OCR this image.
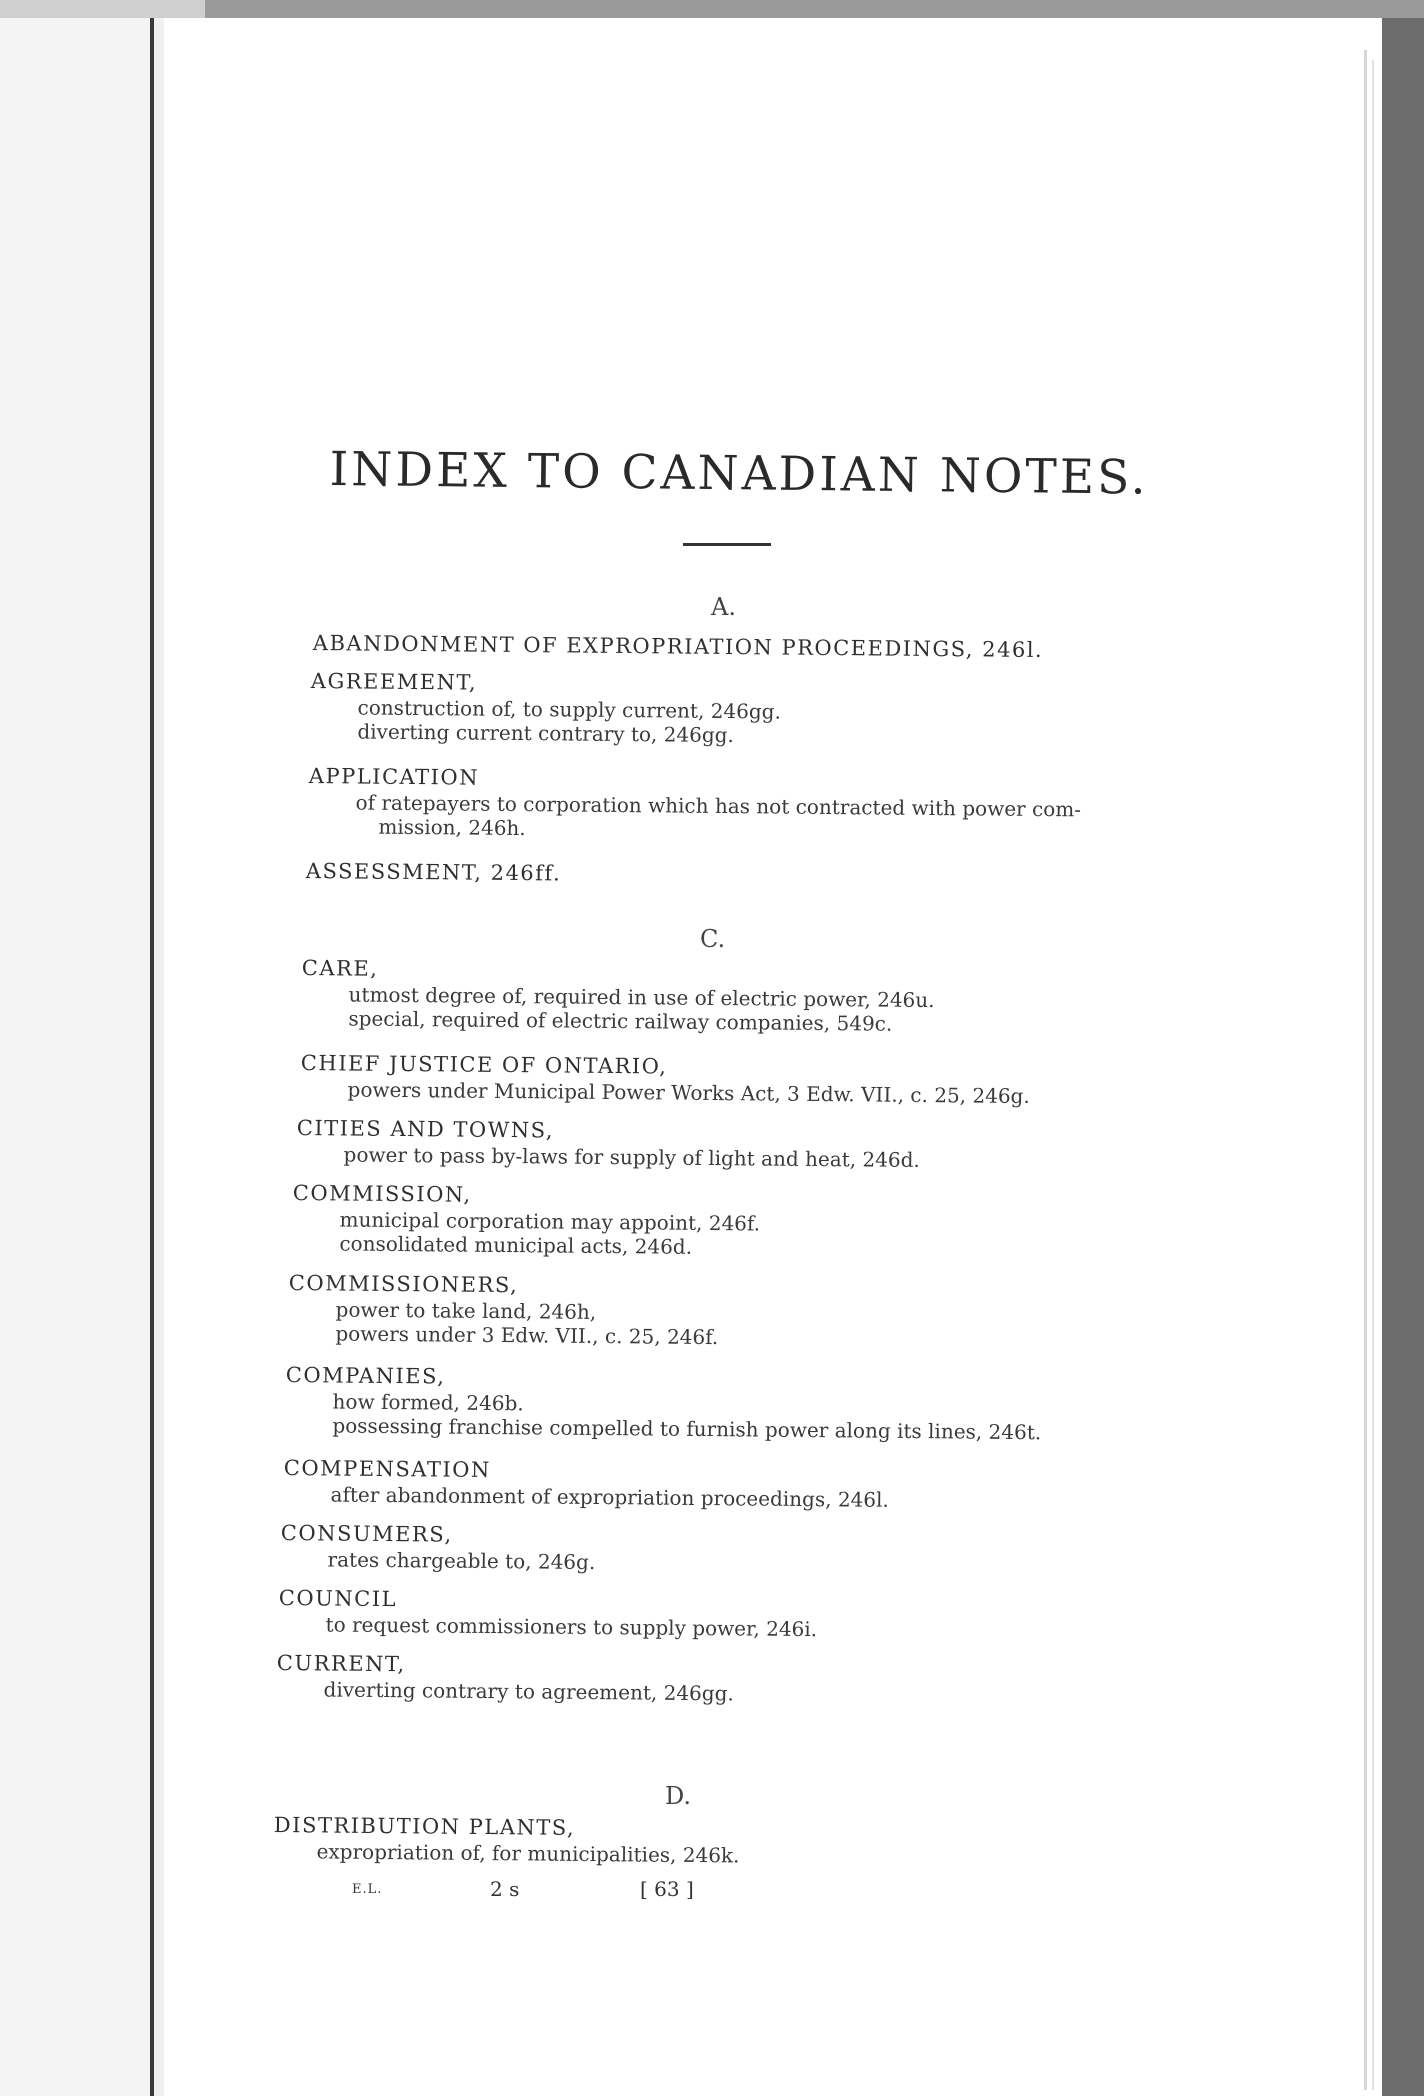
INDEX TO CANADIAN NOTES.
A.
ABANDONMENT OF EXPROPRIATION PROCEEDINGS, 246l.
AGREEMENT,
construction of, to supply current, 246gg.
diverting current contrary to, 246gg.
APPLICATION
of ratepayers to corporation which has not contracted with power com-
mission, 246h.
ASSESSMENT, 246ff.
C.
CARE,
utmost degree of, required in use of electric power, 246u.
special, required of electric railway companies, 549c.
CHIEF JUSTICE OF ONTARIO,
powers under Municipal Power Works Act, 3 Edw. VII., c. 25, 246g.
CITIES AND TOWNS,
power to pass by-laws for supply of light and heat, 246d.
COMMISSION,
municipal corporation may appoint, 246f.
consolidated municipal acts, 246d.
COMMISSIONERS,
power to take land, 246h,
powers under 3 Edw. VII., c. 25, 246f.
COMPANIES,
how formed, 246b.
possessing franchise compelled to furnish power along its lines, 246t.
COMPENSATION
after abandonment of expropriation proceedings, 246l.
CONSUMERS,
rates chargeable to, 246g.
COUNCIL
to request commissioners to supply power, 246i.
CURRENT,
diverting contrary to agreement, 246gg.
D.
DISTRIBUTION PLANTS,
expropriation of, for municipalities, 246k.
E.L.	2 s	[ 63 ]
